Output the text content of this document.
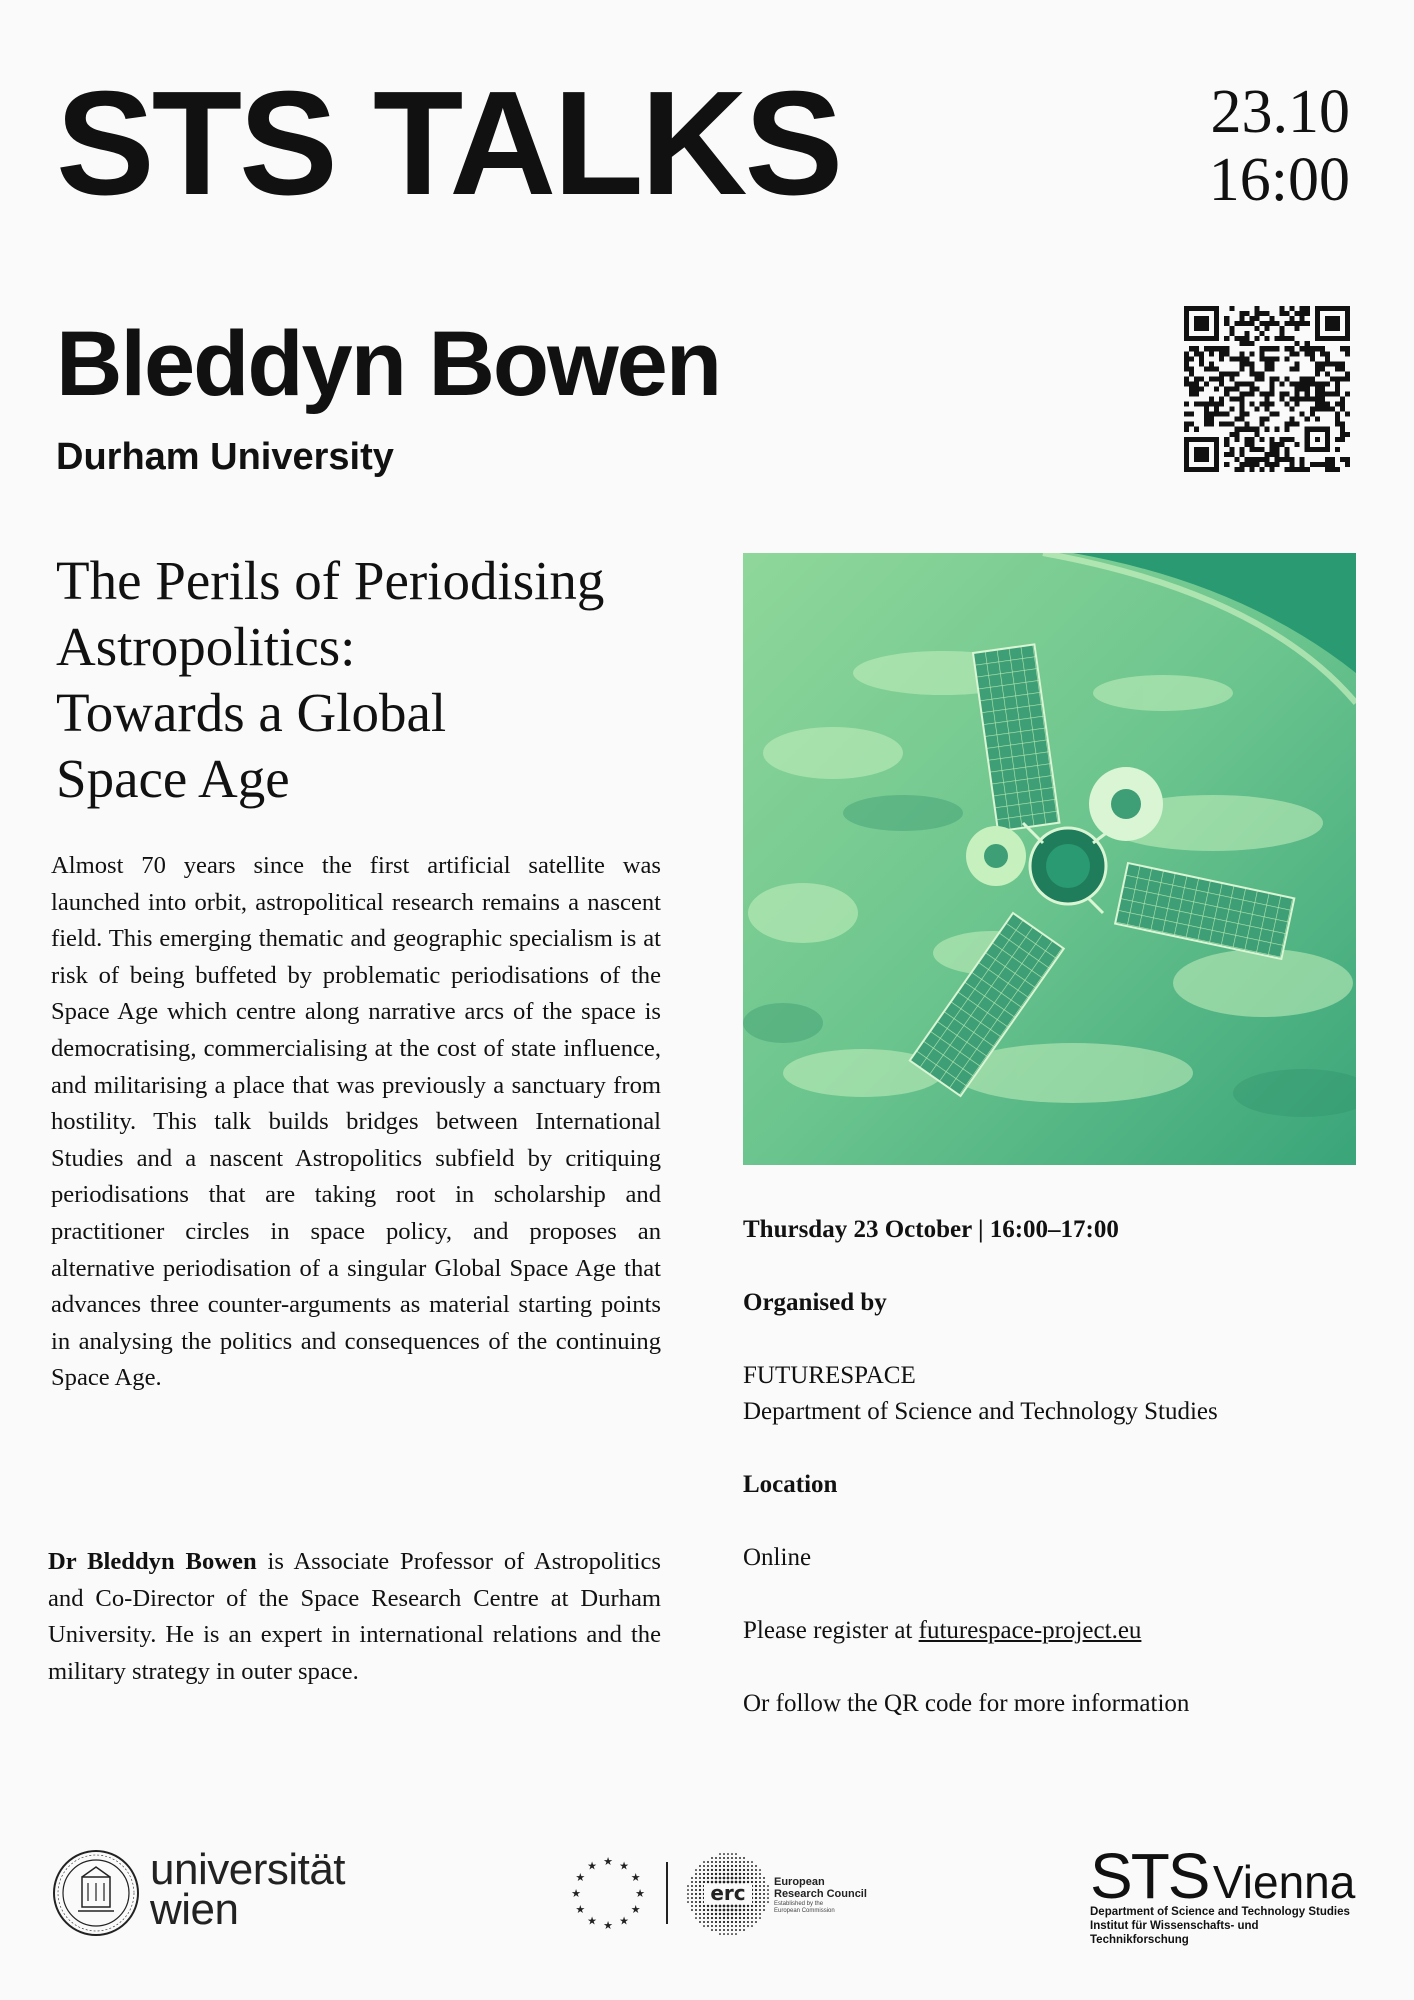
STS TALKS	23.10
16:00
Bleddyn Bowen
Durham University
The Perils of Periodising
Astropolitics:
Towards a Global
Space Age

Almost 70 years since the first artificial satellite was launched into orbit, astropolitical research remains a nascent field. This emerging thematic and geographic specialism is at risk of being buffeted by problematic periodisations of the Space Age which centre along narrative arcs of the space is democratising, commercialising at the cost of state influence, and militarising a place that was previously a sanctuary from hostility. This talk builds bridges between International Studies and a nascent Astropolitics subfield by critiquing periodisations that are taking root in scholarship and practitioner circles in space policy, and proposes an alternative periodisation of a singular Global Space Age that advances three counter-arguments as material starting points in analysing the politics and consequences of the continuing Space Age.

Dr Bleddyn Bowen is Associate Professor of Astropolitics and Co-Director of the Space Research Centre at Durham University. He is an expert in international relations and the military strategy in outer space.

Thursday 23 October | 16:00–17:00
Organised by
FUTURESPACE
Department of Science and Technology Studies
Location
Online
Please register at futurespace-project.eu
Or follow the QR code for more information
universität
wien
★ ★
★
★
★
★
★
★
★
★
★
★
erc	European
Research Council
Established by the
European Commission	STS Vienna
Department of Science and Technology Studies
Institut für Wissenschafts- und Technikforschung
